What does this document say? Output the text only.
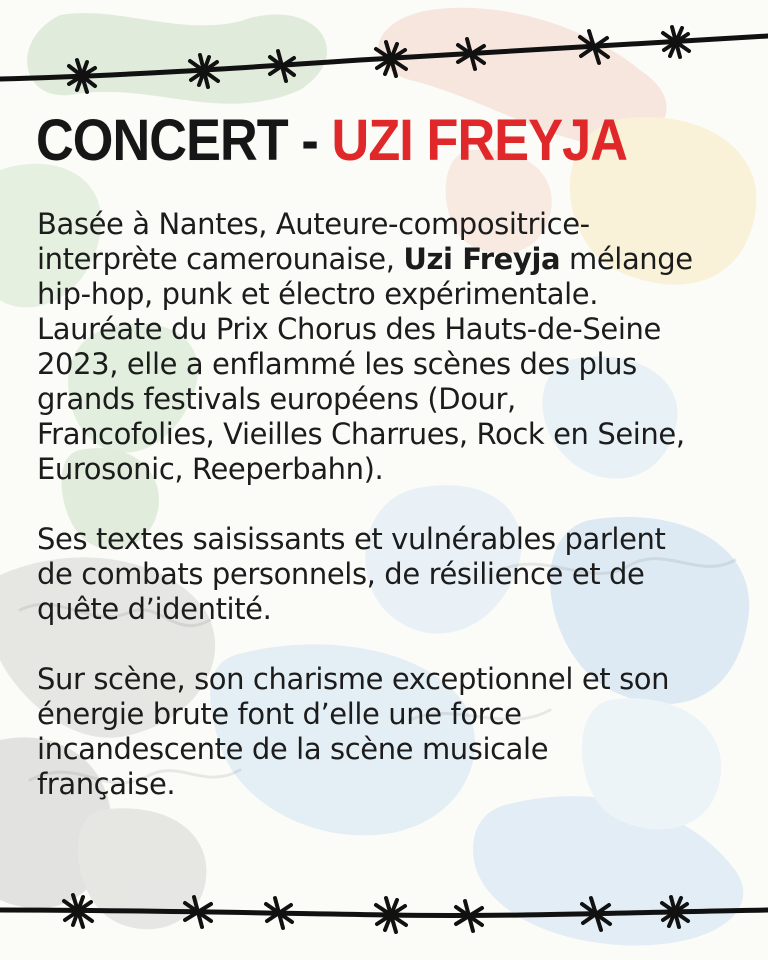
CONCERT - UZI FREYJA
Basée à Nantes, Auteure-compositrice-
interprète camerounaise, Uzi Freyja mélange
hip-hop, punk et électro expérimentale.
Lauréate du Prix Chorus des Hauts-de-Seine
2023, elle a enflammé les scènes des plus
grands festivals européens (Dour,
Francofolies, Vieilles Charrues, Rock en Seine,
Eurosonic, Reeperbahn).
Ses textes saisissants et vulnérables parlent
de combats personnels, de résilience et de
quête d’identité.
Sur scène, son charisme exceptionnel et son
énergie brute font d’elle une force
incandescente de la scène musicale
française.
